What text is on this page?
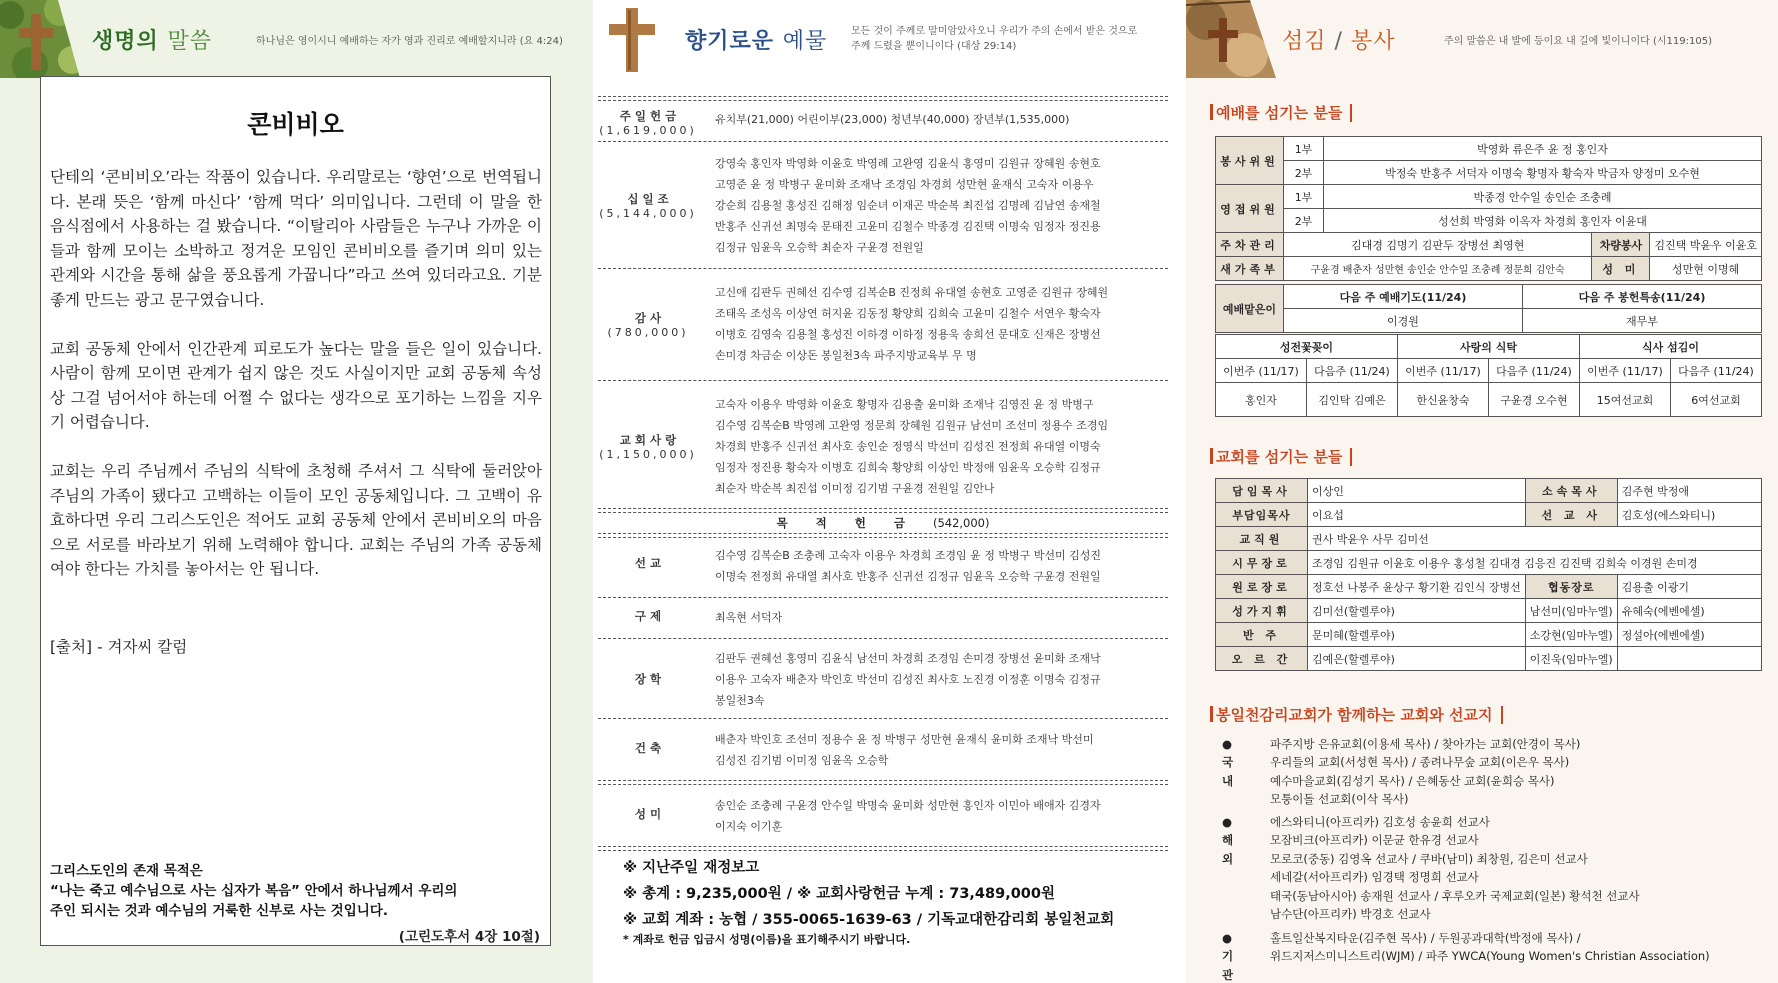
생명의 말씀	하나님은 영이시니 예배하는 자가 영과 진리로 예배할지니라 (요 4:24)
콘비비오

단테의 ‘콘비비오’라는 작품이 있습니다. 우리말로는 ‘향연’으로 번역됩니다. 본래 뜻은 ‘함께 마신다’ ‘함께 먹다’ 의미입니다. 그런데 이 말을 한 음식점에서 사용하는 걸 봤습니다. “이탈리아 사람들은 누구나 가까운 이들과 함께 모이는 소박하고 정겨운 모임인 콘비비오를 즐기며 의미 있는 관계와 시간을 통해 삶을 풍요롭게 가꿉니다”라고 쓰여 있더라고요. 기분 좋게 만드는 광고 문구였습니다.

교회 공동체 안에서 인간관계 피로도가 높다는 말을 들은 일이 있습니다. 사람이 함께 모이면 관계가 쉽지 않은 것도 사실이지만 교회 공동체 속성상 그걸 넘어서야 하는데 어쩔 수 없다는 생각으로 포기하는 느낌을 지우기 어렵습니다.

교회는 우리 주님께서 주님의 식탁에 초청해 주셔서 그 식탁에 둘러앉아 주님의 가족이 됐다고 고백하는 이들이 모인 공동체입니다. 그 고백이 유효하다면 우리 그리스도인은 적어도 교회 공동체 안에서 콘비비오의 마음으로 서로를 바라보기 위해 노력해야 합니다. 교회는 주님의 가족 공동체여야 한다는 가치를 놓아서는 안 됩니다.

[출처] - 겨자씨 칼럼
그리스도인의 존재 목적은
“나는 죽고 예수님으로 사는 십자가 복음” 안에서 하나님께서 우리의
주인 되시는 것과 예수님의 거룩한 신부로 사는 것입니다.
(고린도후서 4장 10절)
향기로운 예물 모든 것이 주께로 말미암았사오니 우리가 주의 손에서 받은 것으로
주께 드렸을 뿐이니이다 (대상 29:14)
주 일 헌 금
(1,619,000)
유치부(21,000) 어린이부(23,000) 청년부(40,000) 장년부(1,535,000)
십 일 조
(5,144,000)
강영숙 홍인자 박영화 이윤호 박영례 고완영 김윤식 홍영미 김원규 장혜원 송현호
고영준 윤 정 박병구 윤미화 조재낙 조경임 차경희 성만현 윤재식 고숙자 이용우
강순희 김용철 홍성진 김해정 임순녀 이재곤 박순복 최진섭 김명례 김남연 송재철
반홍주 신귀선 최명숙 문태진 고윤미 김철수 박종경 김진택 이명숙 임정자 정진용
김정규 임윤옥 오승학 최순자 구윤경 전원일
감 사
(780,000)
고신애 김판두 권혜선 김수영 김복순B 진정희 유대열 송현호 고영준 김원규 장혜원
조태옥 조성옥 이상연 허지윤 김동정 황양희 김희숙 고윤미 김철수 서연우 황숙자
이병호 김영숙 김용철 홍성진 이하경 이하정 정용욱 송희선 문대호 신재은 장병선
손미경 차금순 이상돈 봉일천3속 파주지방교육부 무 명
교 회 사 랑
(1,150,000)
고숙자 이용우 박영화 이윤호 황명자 김용출 윤미화 조재낙 김영진 윤 정 박병구
김수영 김복순B 박영례 고완영 정문희 장혜원 김원규 남선미 조선미 정용수 조경임
차경희 반홍주 신귀선 최사호 송인순 정영식 박선미 김성진 전정희 유대열 이명숙
임정자 정진용 황숙자 이병호 김희숙 황양희 이상인 박정애 임윤옥 오승학 김정규
최순자 박순복 최진섭 이미정 김기범 구윤경 전원일 김안나
목적헌금(542,000)
선 교
김수영 김복순B 조충례 고숙자 이용우 차경희 조경임 윤 정 박병구 박선미 김성진
이명숙 전정희 유대열 최사호 반홍주 신귀선 김정규 임윤옥 오승학 구윤경 전원일
구 제	최옥현 서덕자
장 학
김판두 권혜선 홍영미 김윤식 남선미 차경희 조경임 손미경 장병선 윤미화 조재낙
이용우 고숙자 배춘자 박인호 박선미 김성진 최사호 노진경 이정훈 이명숙 김정규
봉일천3속
건 축
배춘자 박인호 조선미 정용수 윤 정 박병구 성만현 윤재식 윤미화 조재낙 박선미
김성진 김기범 이미정 임윤옥 오승학
성 미
송인순 조충례 구윤경 안수일 박명숙 윤미화 성만현 홍인자 이민아 배애자 김경자
이지숙 이기훈
※ 지난주일 재정보고
※ 총계 : 9,235,000원 / ※ 교회사랑헌금 누계 : 73,489,000원
※ 교회 계좌 : 농협 / 355-0065-1639-63 / 기독교대한감리회 봉일천교회
* 계좌로 헌금 입금시 성명(이름)을 표기해주시기 바랍니다.
섬김 / 봉사	주의 말씀은 내 발에 등이요 내 길에 빛이니이다 (시119:105)
예배를 섬기는 분들
봉사위원	1부	박영화 류은주 윤 정 홍인자		
	2부	박정숙 반홍주 서덕자 이명숙 황명자 황숙자 박금자 양정미 오수현		
영접위원	1부	박종경 안수일 송인순 조충례		
	2부	성선희 박영화 이옥자 차경희 홍인자 이윤대		
주차관리	김대경 김명기 김판두 장병선 최영현		차량봉사	김진택 박윤우 이윤호
새가족부	구윤경 배춘자 성만현 송인순 안수일 조충례 정문희 김안숙		성 미	성만현 이명혜
예배맡은이	다음 주 예배기도(11/24)	다음 주 봉헌특송(11/24)
	이경원	재무부
성전꽃꽂이		사랑의 식탁		식사 섬김이	
이번주 (11/17)	다음주 (11/24)	이번주 (11/17)	다음주 (11/24)	이번주 (11/17)	다음주 (11/24)
홍인자	김인탁 김예은	한신윤창숙	구윤경 오수현	15여선교회	6여선교회
교회를 섬기는 분들
담임목사	이상인	소속목사	김주현 박정애
부담임목사	이요섭	선 교 사	김호성(에스와티니)
교직원	권사 박윤우 사무 김미선		
시무장로	조경임 김원규 이윤호 이용우 홍성철 김대경 김응진 김진택 김희숙 이경원 손미경		
원로장로	정호선 나봉주 윤상구 황기환 김인식 장병선	협동장로	김용출 이광기
성가지휘	김미선(할렐루야)	남선미(임마누엘)	유혜숙(에벤에셀)
반 주	문미혜(할렐루야)	소강현(임마누엘)	정설아(에벤에셀)
오 르 간	김예은(할렐루야)	이진욱(임마누엘)	
봉일천감리교회가 함께하는 교회와 선교지
●국내
파주지방 은유교회(이용세 목사) / 찾아가는 교회(안경이 목사)
우리들의 교회(서성현 목사) / 종려나무숲 교회(이은우 목사)
예수마을교회(김성기 목사) / 은혜동산 교회(윤희승 목사)
모퉁이돌 선교회(이삭 목사)
●해외
에스와티니(아프리카) 김호성 송윤희 선교사
모잠비크(아프리카) 이문균 한유경 선교사
모로코(중동) 김영옥 선교사 / 쿠바(남미) 최창원, 김은미 선교사
세네갈(서아프리카) 임경택 정명희 선교사
태국(동남아시아) 송재원 선교사 / 후루오카 국제교회(일본) 황석천 선교사
남수단(아프리카) 박경호 선교사
●기관
홀트일산복지타운(김주현 목사) / 두원공과대학(박정애 목사) /
위드지저스미니스트리(WJM) / 파주 YWCA(Young Women's Christian Association)
